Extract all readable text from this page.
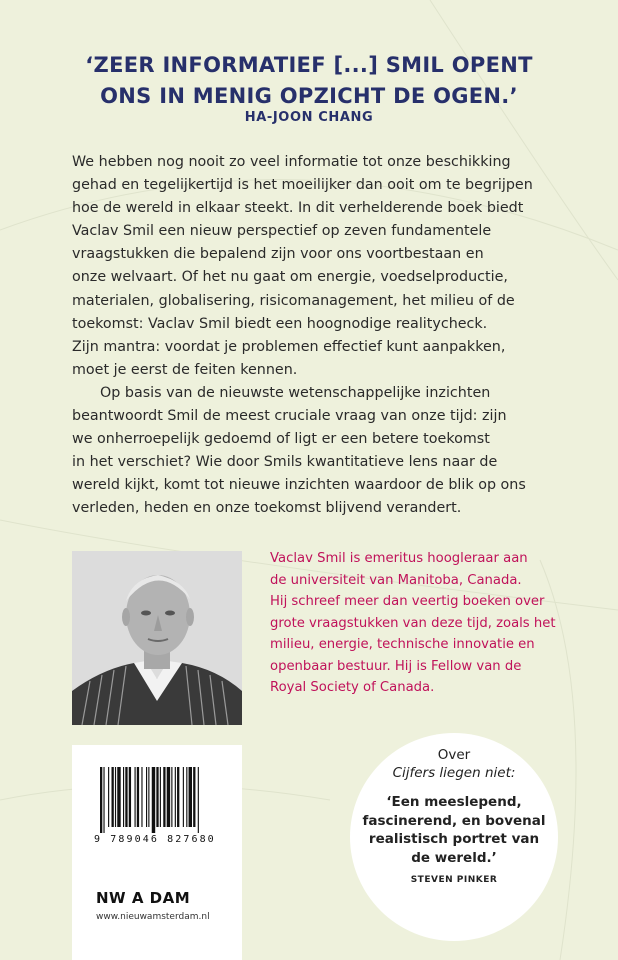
‘ZEER INFORMATIEF [...] SMIL OPENT
ONS IN MENIG OPZICHT DE OGEN.’
HA-JOON CHANG
We hebben nog nooit zo veel informatie tot onze beschikking
gehad en tegelijkertijd is het moeilijker dan ooit om te begrijpen
hoe de wereld in elkaar steekt. In dit verhelderende boek biedt
Vaclav Smil een nieuw perspectief op zeven fundamentele
vraagstukken die bepalend zijn voor ons voortbestaan en
onze welvaart. Of het nu gaat om energie, voedselproductie,
materialen, globalisering, risicomanagement, het milieu of de
toekomst: Vaclav Smil biedt een hoognodige realitycheck.
Zijn mantra: voordat je problemen effectief kunt aanpakken,
moet je eerst de feiten kennen.
Op basis van de nieuwste wetenschappelijke inzichten
beantwoordt Smil de meest cruciale vraag van onze tijd: zijn
we onherroepelijk gedoemd of ligt er een betere toekomst
in het verschiet? Wie door Smils kwantitatieve lens naar de
wereld kijkt, komt tot nieuwe inzichten waardoor de blik op ons
verleden, heden en onze toekomst blijvend verandert.
Vaclav Smil is emeritus hoogleraar aan
de universiteit van Manitoba, Canada.
Hij schreef meer dan veertig boeken over
grote vraagstukken van deze tijd, zoals het
milieu, energie, technische innovatie en
openbaar bestuur. Hij is Fellow van de
Royal Society of Canada.
9 789046 827680
NW A DAM
www.nieuwamsterdam.nl
Over
Cijfers liegen niet:
‘Een meeslepend,
fascinerend, en bovenal
realistisch portret van
de wereld.’
STEVEN PINKER
